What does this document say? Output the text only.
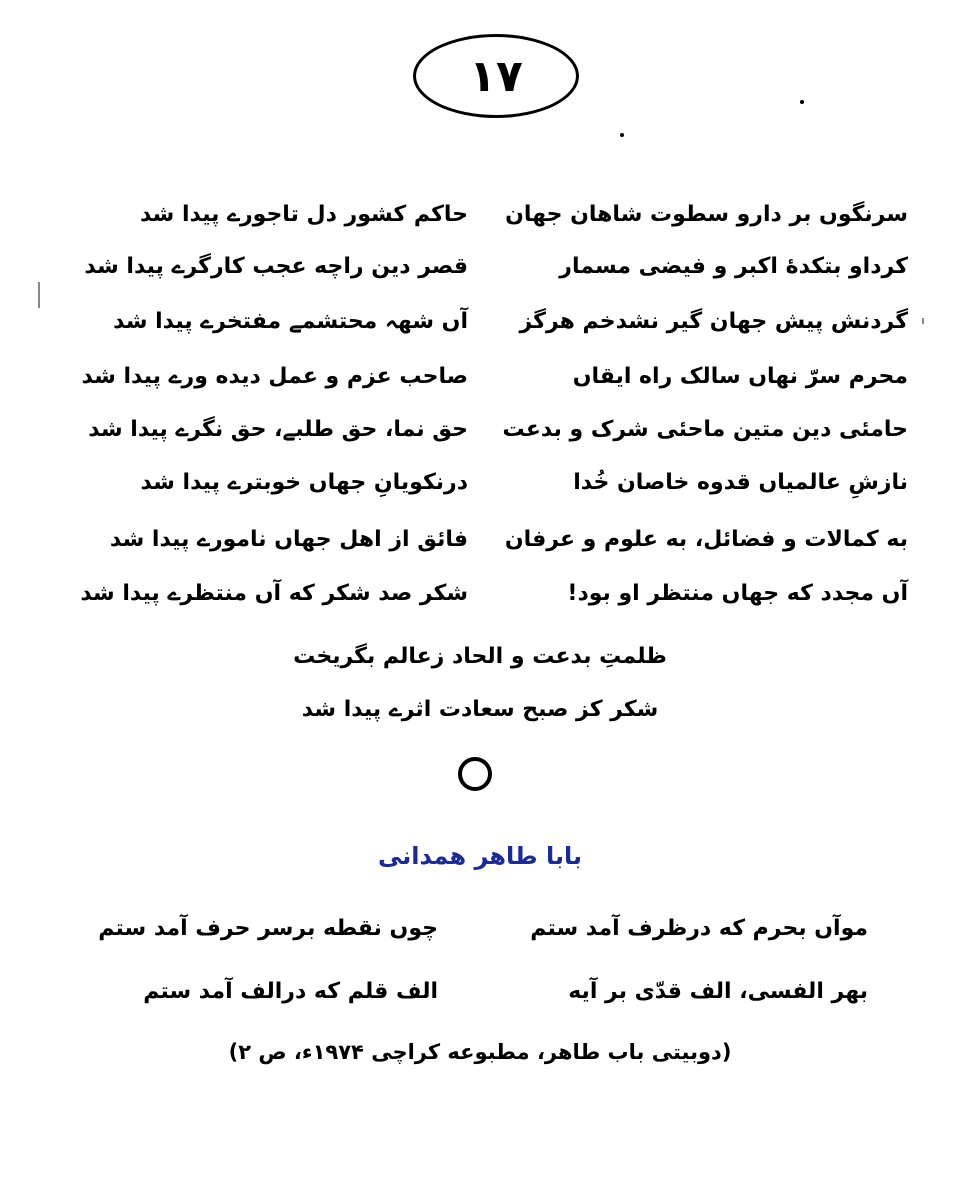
۱۷
سرنگوں بر دارو سطوت شاهان جهان
کرداو بتکدهٔ اکبر و فیضی مسمار
گردنش پیش جهان گیر نشدخم هرگز
محرم سرّ نهاں سالک راه ایقاں
حامئی دین متین ماحئی شرک و بدعت
نازشِ عالمیاں قدوه خاصان خُدا
به کمالات و فضائل، به علوم و عرفان
آں مجدد که جهاں منتظر او بود!
حاکم کشور دل تاجورے پیدا شد
قصر دین راچه عجب کارگرے پیدا شد
آں شهہ محتشمے مفتخرے پیدا شد
صاحب عزم و عمل دیده ورے پیدا شد
حق نما، حق طلبے، حق نگرے پیدا شد
درنکویانِ جهاں خوبترے پیدا شد
فائق از اهل جهاں نامورے پیدا شد
شکر صد شکر که آں منتظرے پیدا شد
ظلمتِ بدعت و الحاد زعالم بگریخت
شکر کز صبح سعادت اثرے پیدا شد
بابا طاهر همدانی
موآں بحرم که درظرف آمد ستم
چوں نقطه برسر حرف آمد ستم
بهر الفسی، الف قدّی بر آیه
الف قلم که درالف آمد ستم
(دوبیتی باب طاهر، مطبوعه کراچی ۱۹۷۴ء، ص ۲)
